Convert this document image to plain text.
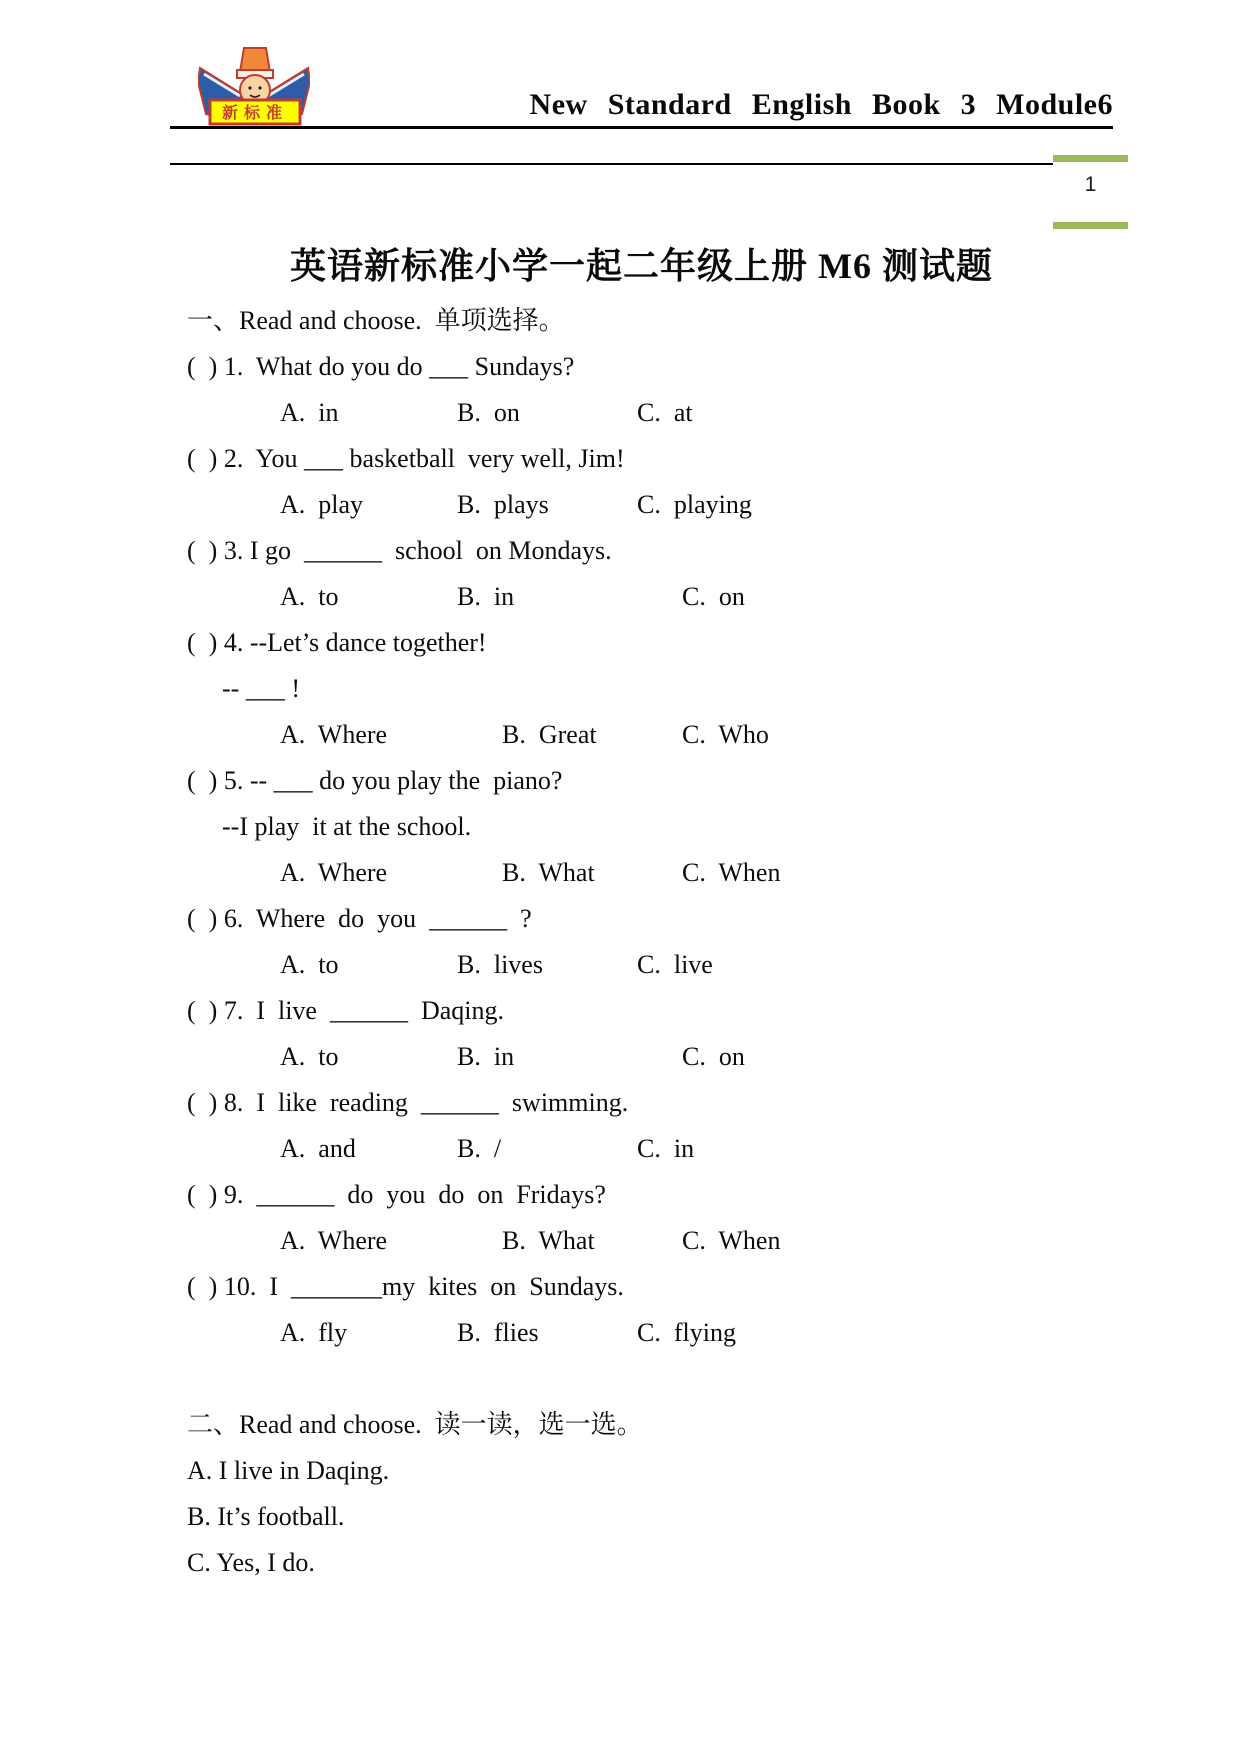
新标准	New Standard English Book 3 Module6
1
英语新标准小学一起二年级上册 M6 测试题
一、Read and choose.  单项选择。
(  ) 1.  What do you do ___ Sundays?
A.  in	B.  on	C.  at
(  ) 2.  You ___ basketball  very well, Jim!
A.  play	B.  plays	C.  playing
(  ) 3. I go  ______  school  on Mondays.
A.  to	B.  in	C.  on
(  ) 4. --Let’s dance together!
-- ___ !
A.  Where	B.  Great	C.  Who
(  ) 5. -- ___ do you play the  piano?
--I play  it at the school.
A.  Where	B.  What	C.  When
(  ) 6.  Where  do  you  ______  ?
A.  to	B.  lives	C.  live
(  ) 7.  I  live  ______  Daqing.
A.  to	B.  in	C.  on
(  ) 8.  I  like  reading  ______  swimming.
A.  and	B.  /	C.  in
(  ) 9.  ______  do  you  do  on  Fridays?
A.  Where	B.  What	C.  When
(  ) 10.  I  _______my  kites  on  Sundays.
A.  fly	B.  flies	C.  flying
二、Read and choose.  读一读，选一选。
A. I live in Daqing.
B. It’s football.
C. Yes, I do.
